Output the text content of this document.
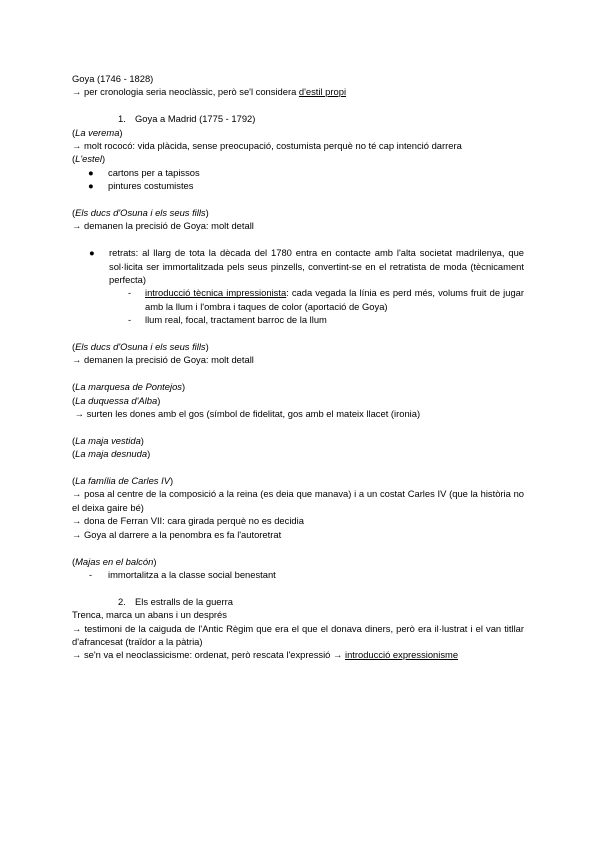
Goya (1746 - 1828)

→ per cronologia seria neoclàssic, però se'l considera d'estil propi

1. Goya a Madrid (1775 - 1792)

(La verema)

→ molt rococó: vida plàcida, sense preocupació, costumista perquè no té cap intenció darrera

(L'estel)

● cartons per a tapissos

● pintures costumistes

(Els ducs d'Osuna i els seus fills)

→ demanen la precisió de Goya: molt detall

● retrats: al llarg de tota la dècada del 1780 entra en contacte amb l'alta societat madrilenya, que sol·licita ser immortalitzada pels seus pinzells, convertint-se en el retratista de moda (tècnicament perfecta)

- introducció tècnica impressionista: cada vegada la línia es perd més, volums fruit de jugar amb la llum i l'ombra i taques de color (aportació de Goya)

- llum real, focal, tractament barroc de la llum

(Els ducs d'Osuna i els seus fills)

→ demanen la precisió de Goya: molt detall

(La marquesa de Pontejos)

(La duquessa d'Alba)

→ surten les dones amb el gos (símbol de fidelitat, gos amb el mateix llacet (ironia)

(La maja vestida)

(La maja desnuda)

(La família de Carles IV)

→ posa al centre de la composició a la reina (es deia que manava) i a un costat Carles IV (que la història no el deixa gaire bé)

→ dona de Ferran VII: cara girada perquè no es decidia

→ Goya al darrere a la penombra es fa l'autoretrat

(Majas en el balcón)

- immortalitza a la classe social benestant

2. Els estralls de la guerra

Trenca, marca un abans i un després

→ testimoni de la caiguda de l'Antic Règim que era el que el donava diners, però era il·lustrat i el van titllar d'afrancesat (traïdor a la pàtria)

→ se'n va el neoclassicisme: ordenat, però rescata l'expressió → introducció expressionisme
